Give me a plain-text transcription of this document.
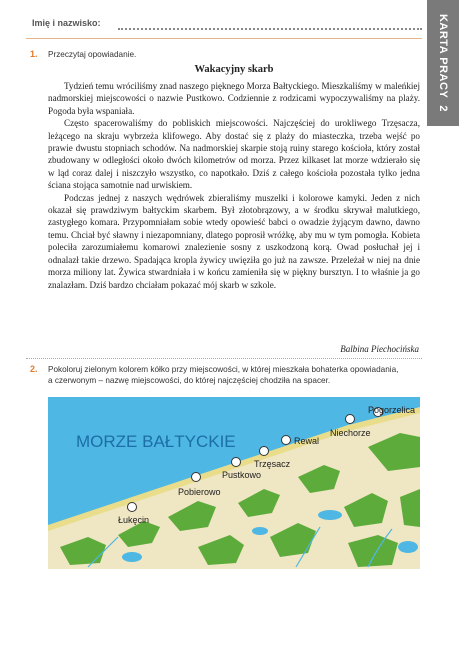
Imię i nazwisko:	KARTA PRACY  2
1. Przeczytaj opowiadanie.
Wakacyjny skarb

Tydzień temu wróciliśmy znad naszego pięknego Morza Bałtyckiego. Mieszkaliśmy w maleńkiej nadmorskiej miejscowości o nazwie Pustkowo. Codziennie z rodzicami wypoczywaliśmy na plaży. Pogoda była wspaniała.

Często spacerowaliśmy do pobliskich miejscowości. Najczęściej do urokliwego Trzęsacza, leżącego na skraju wybrzeża klifowego. Aby dostać się z plaży do miasteczka, trzeba wejść po prawie dwustu stopniach schodów. Na nadmorskiej skarpie stoją ruiny starego kościoła, który został zbudowany w odległości około dwóch kilometrów od morza. Przez kilkaset lat morze wdzierało się w ląd coraz dalej i niszczyło wszystko, co napotkało. Dziś z całego kościoła pozostała tylko jedna ściana stojąca samotnie nad urwiskiem.

Podczas jednej z naszych wędrówek zbieraliśmy muszelki i kolorowe kamyki. Jeden z nich okazał się prawdziwym bałtyckim skarbem. Był złotobrązowy, a w środku skrywał malutkiego, zastygłego komara. Przypomniałam sobie wtedy opowieść babci o owadzie żyjącym dawno, dawno temu. Chciał być sławny i niezapomniany, dlatego poprosił wróżkę, aby mu w tym pomogła. Kobieta poleciła zarozumiałemu komarowi znalezienie sosny z uszkodzoną korą. Owad posłuchał jej i odnalazł takie drzewo. Spadająca kropla żywicy uwięziła go już na zawsze. Przeleżał w niej na dnie morza miliony lat. Żywica stwardniała i w końcu zamieniła się w piękny bursztyn. I to właśnie ja go znalazłam. Dziś bardzo chciałam pokazać mój skarb w szkole.

Balbina Piechocińska
2. Pokoloruj zielonym kolorem kółko przy miejscowości, w której mieszkała bohaterka opowiadania,
a czerwonym – nazwę miejscowości, do której najczęściej chodziła na spacer.
MORZE BAŁTYCKIE
Łukęcin
Pobierowo
Pustkowo
Trzęsacz
Rewal
Niechorze
Pogorzelica
